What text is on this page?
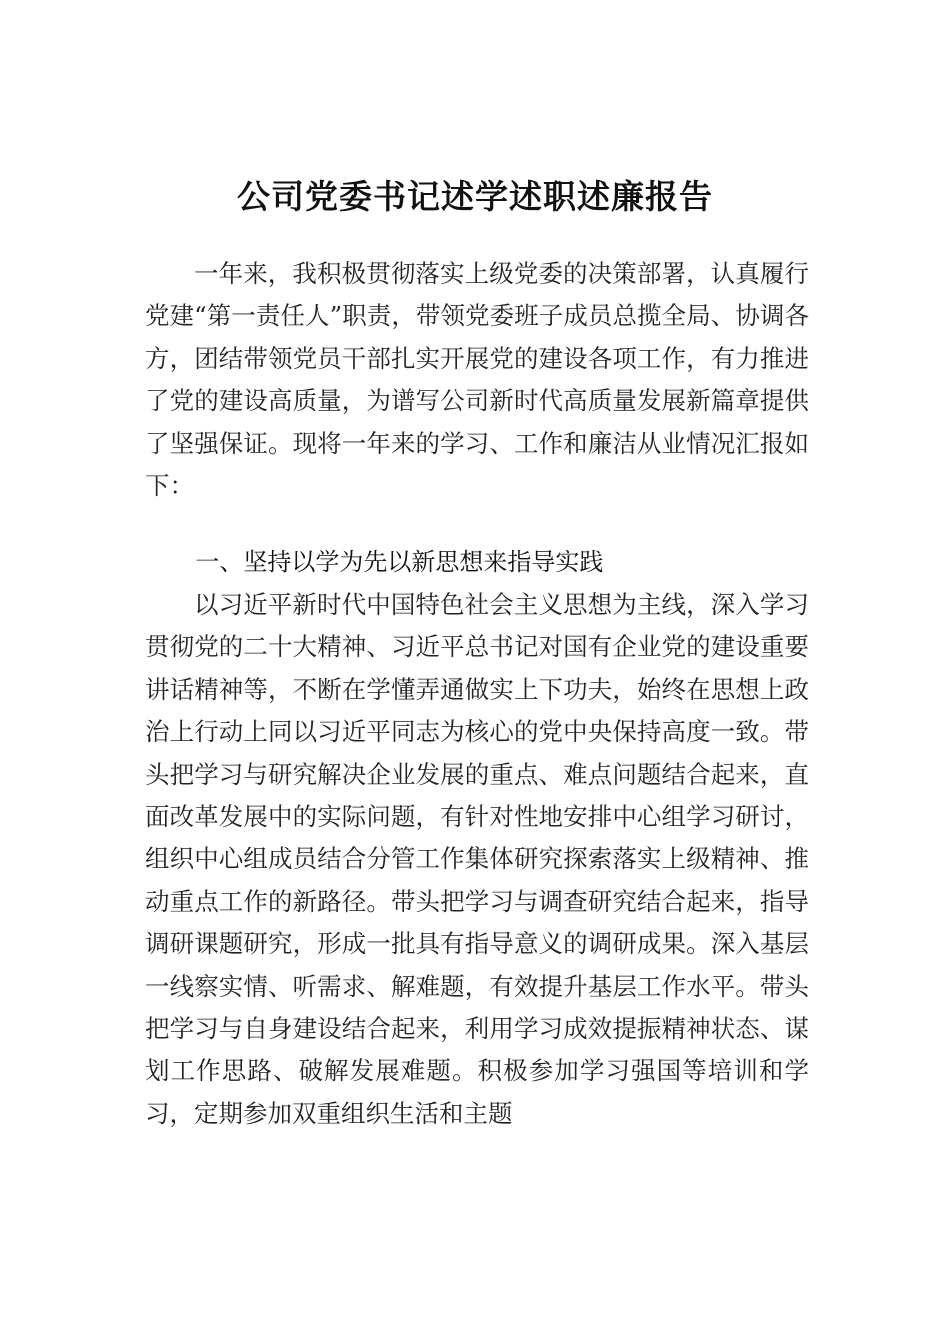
公司党委书记述学述职述廉报告

一年来，我积极贯彻落实上级党委的决策部署，认真履行党建“第一责任人”职责，带领党委班子成员总揽全局、协调各方，团结带领党员干部扎实开展党的建设各项工作，有力推进了党的建设高质量，为谱写公司新时代高质量发展新篇章提供了坚强保证。现将一年来的学习、工作和廉洁从业情况汇报如下：

一、坚持以学为先以新思想来指导实践

以习近平新时代中国特色社会主义思想为主线，深入学习贯彻党的二十大精神、习近平总书记对国有企业党的建设重要讲话精神等，不断在学懂弄通做实上下功夫，始终在思想上政治上行动上同以习近平同志为核心的党中央保持高度一致。带头把学习与研究解决企业发展的重点、难点问题结合起来，直面改革发展中的实际问题，有针对性地安排中心组学习研讨，组织中心组成员结合分管工作集体研究探索落实上级精神、推动重点工作的新路径。带头把学习与调查研究结合起来，指导调研课题研究，形成一批具有指导意义的调研成果。深入基层一线察实情、听需求、解难题，有效提升基层工作水平。带头把学习与自身建设结合起来，利用学习成效提振精神状态、谋划工作思路、破解发展难题。积极参加学习强国等培训和学习，定期参加双重组织生活和主题
